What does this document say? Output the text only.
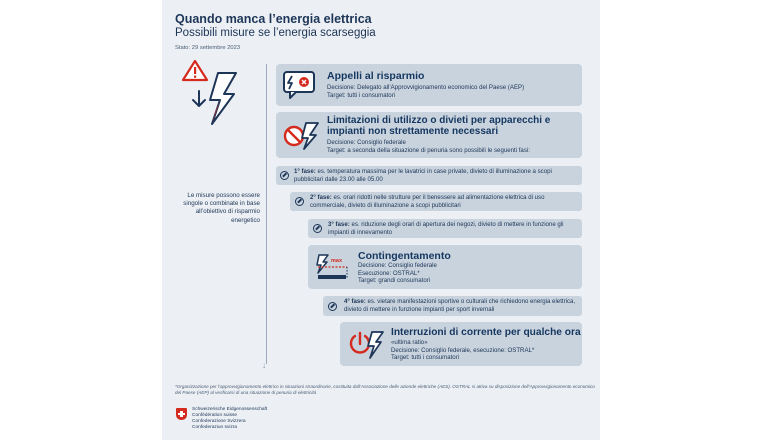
Quando manca l’energia elettrica
Possibili misure se l’energia scarseggia
Stato: 29 settembre 2023
↓
Le misure possono essere singole o combinate in base all’obiettivo di risparmio energetico
Appelli al risparmio
Decisione: Delegato all’Approvvigionamento economico del Paese (AEP)
Target: tutti i consumatori
Limitazioni di utilizzo o divieti per apparecchi e impianti non strettamente necessari
Decisione: Consiglio federale
Target: a seconda della situazione di penuria sono possibili le seguenti fasi:
1° fase: es. temperatura massima per le lavatrici in case private, divieto di illuminazione a scopi pubblicitari dalle 23.00 alle 05.00
2° fase: es. orari ridotti nelle strutture per il benessere ad alimentazione elettrica di uso commerciale, divieto di illuminazione a scopi pubblicitari
3° fase: es. riduzione degli orari di apertura dei negozi, divieto di mettere in funzione gli impianti di innevamento
max Contingentamento
Decisione: Consiglio federale
Esecuzione: OSTRAL*
Target: grandi consumatori
4° fase: es. vietare manifestazioni sportive o culturali che richiedono energia elettrica, divieto di mettere in funzione impianti per sport invernali
Interruzioni di corrente per qualche ora
«ultima ratio»
Decisione: Consiglio federale, esecuzione: OSTRAL*
Target: tutti i consumatori
*Organizzazione per l’approvvigionamento elettrico in situazioni straordinarie, costituita dall’Associazione delle aziende elettriche (AES). OSTRAL si attiva su disposizione dell’Approvvigionamento economico del Paese (AEP) al verificarsi di una situazione di penuria di elettricità
Schweizerische Eidgenossenschaft
Confédération suisse
Confederazione Svizzera
Confederaziun svizra
